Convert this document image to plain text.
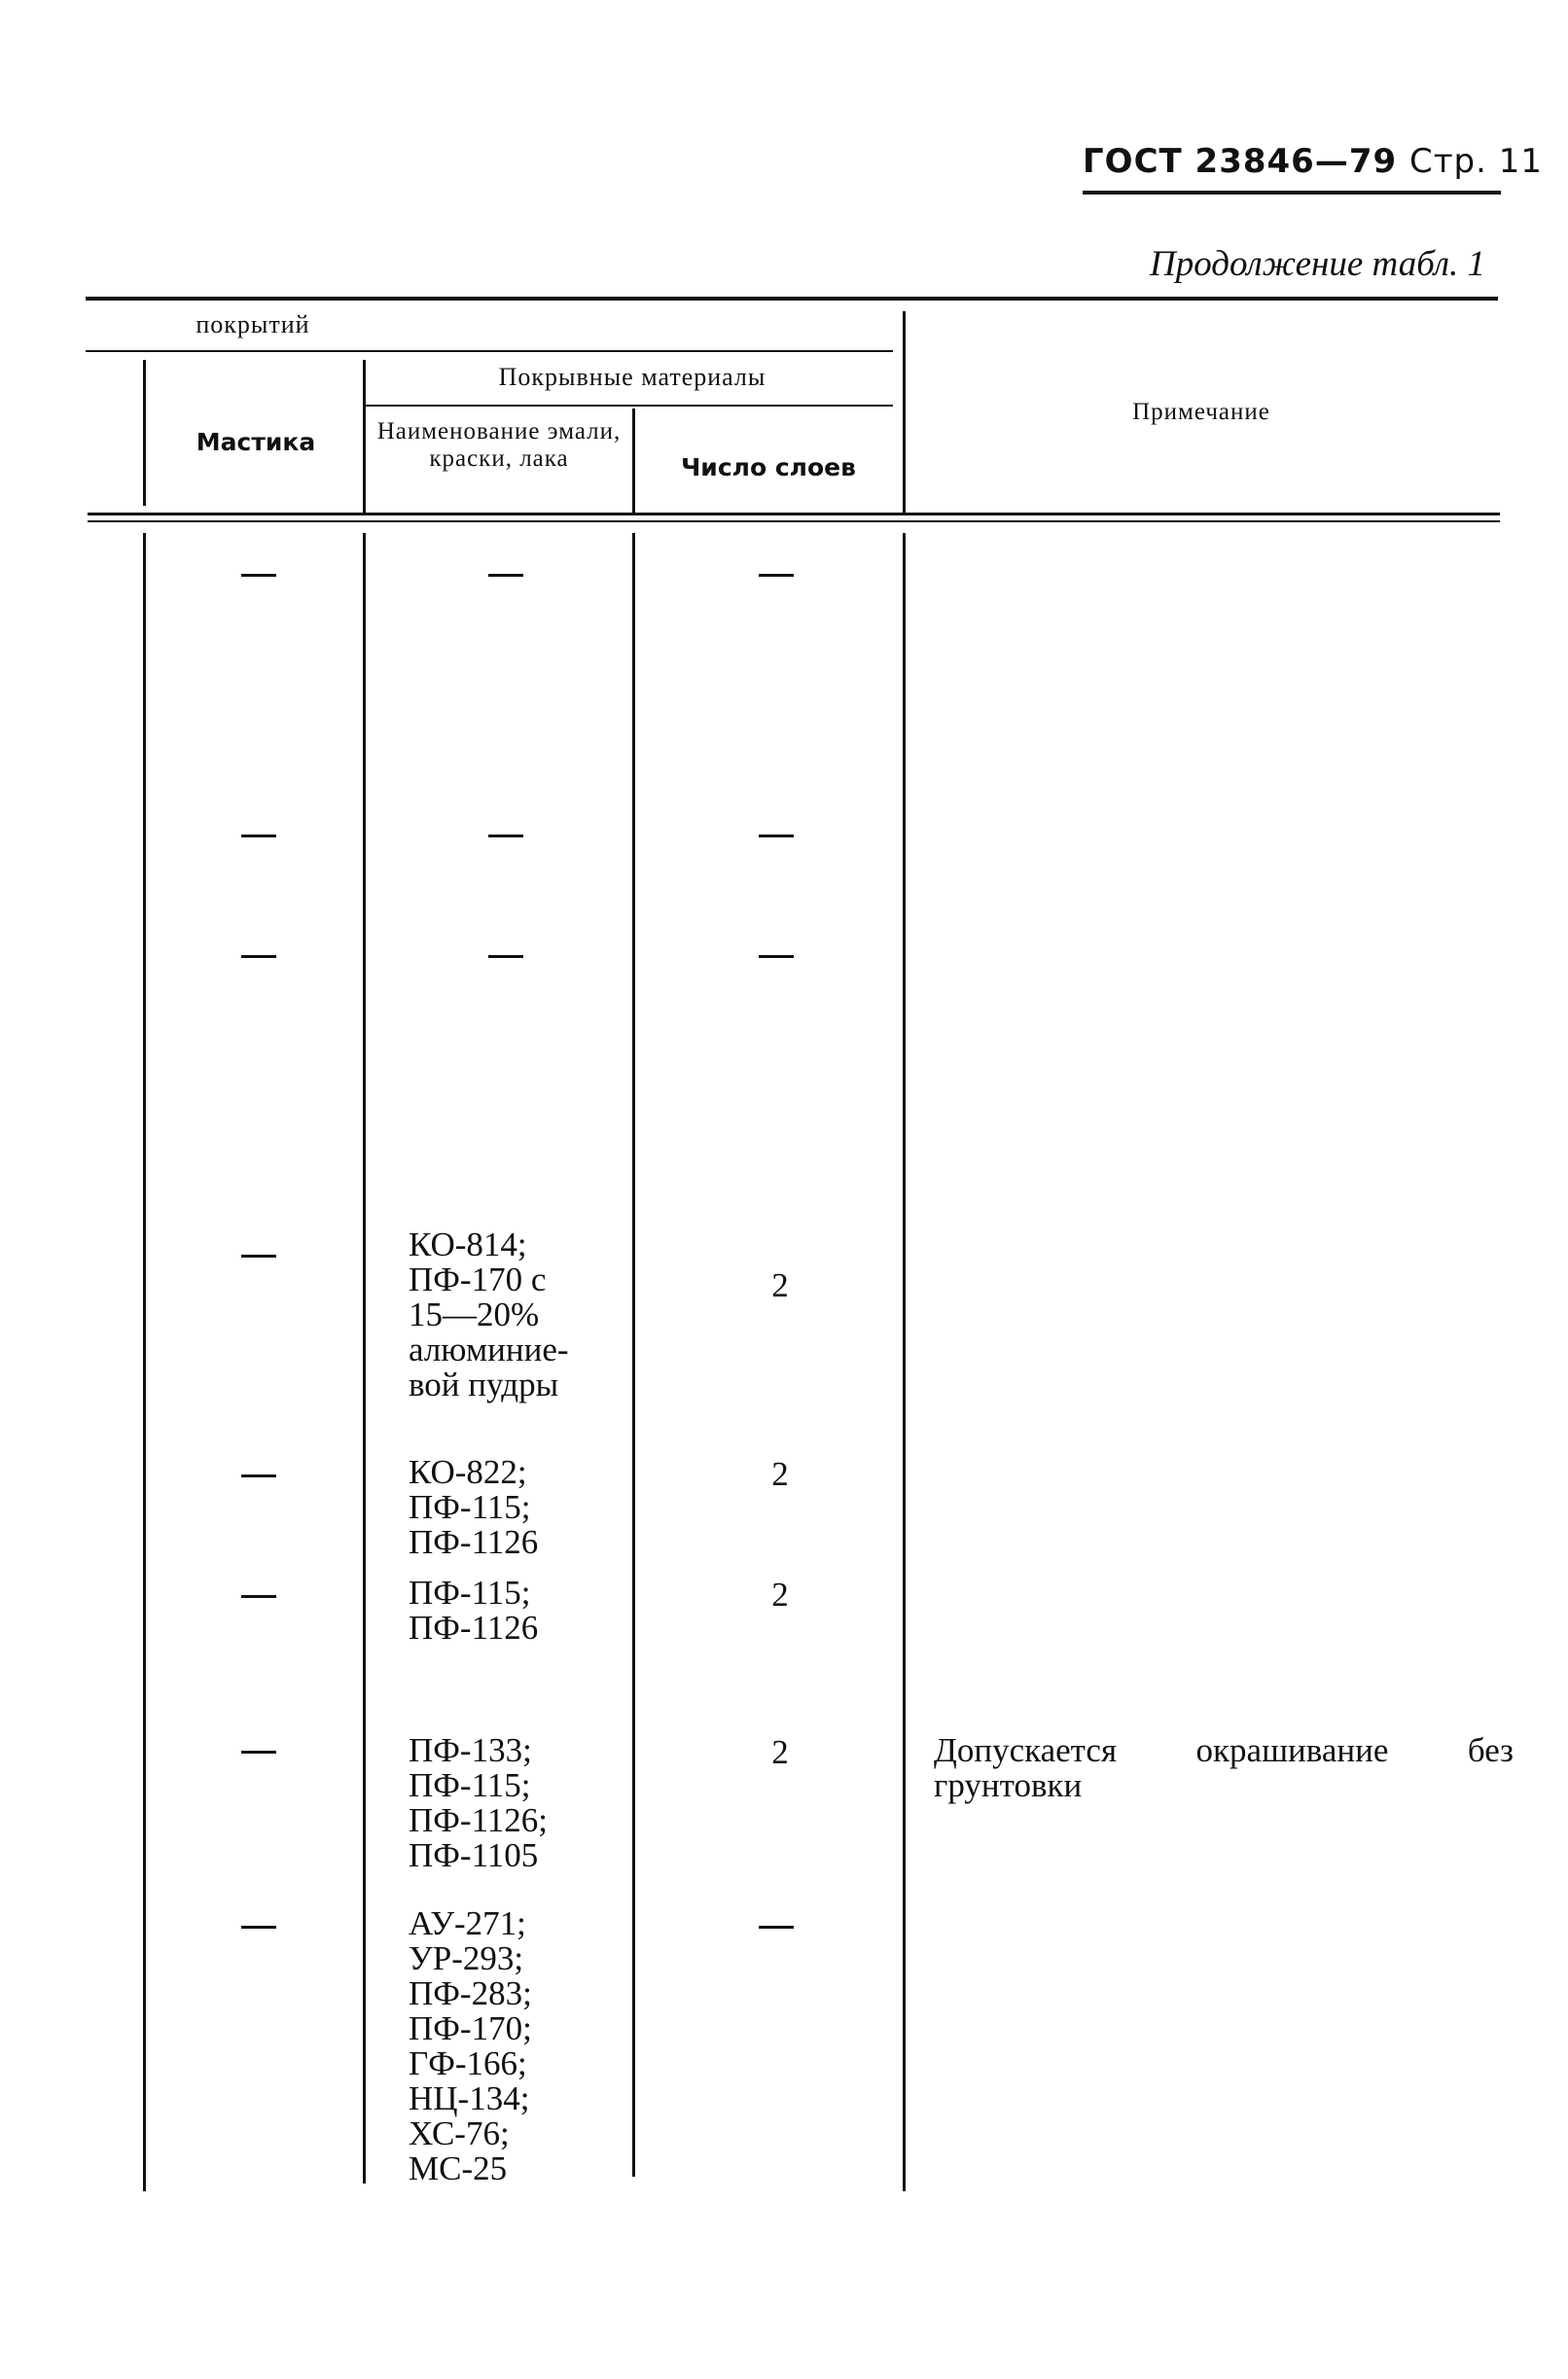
ГОСТ 23846—79 Стр. 11
Продолжение табл. 1
покрытий
Мастика
Покрывные материалы
Наименование эмали, краски, лака	Число слоев
Примечание
КО-814;
ПФ-170 с
15—20%
алюминие-
вой пудры
2
КО-822;
ПФ-115;
ПФ-1126
2
ПФ-115;
ПФ-1126
2
ПФ-133;
ПФ-115;
ПФ-1126;
ПФ-1105
2	Допускается окрашивание без грунтовки
АУ-271;
УР-293;
ПФ-283;
ПФ-170;
ГФ-166;
НЦ-134;
ХС-76;
МС-25
